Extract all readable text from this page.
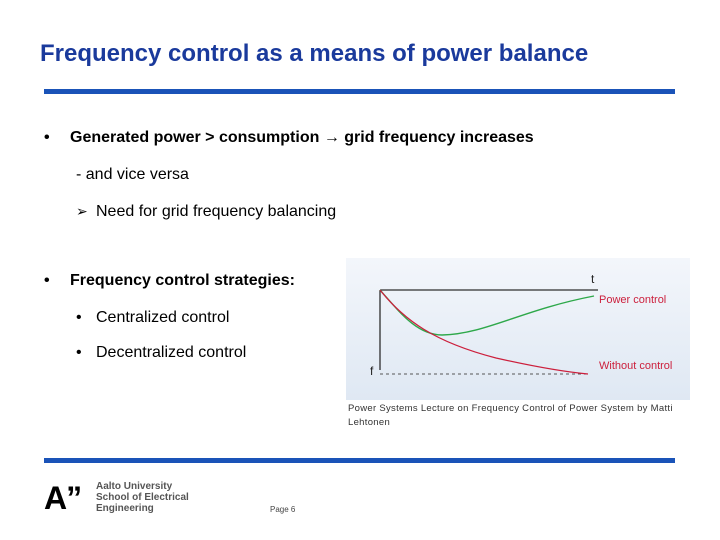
Frequency control as a means of power balance
• Generated power > consumption → grid frequency increases
- and vice versa
➢ Need for grid frequency balancing
• Frequency control strategies:
• Centralized control
• Decentralized control
t
f
Power control
Without control
Power Systems Lecture on Frequency Control of Power System by Matti Lehtonen
A” Aalto University
School of Electrical
Engineering	Page 6
